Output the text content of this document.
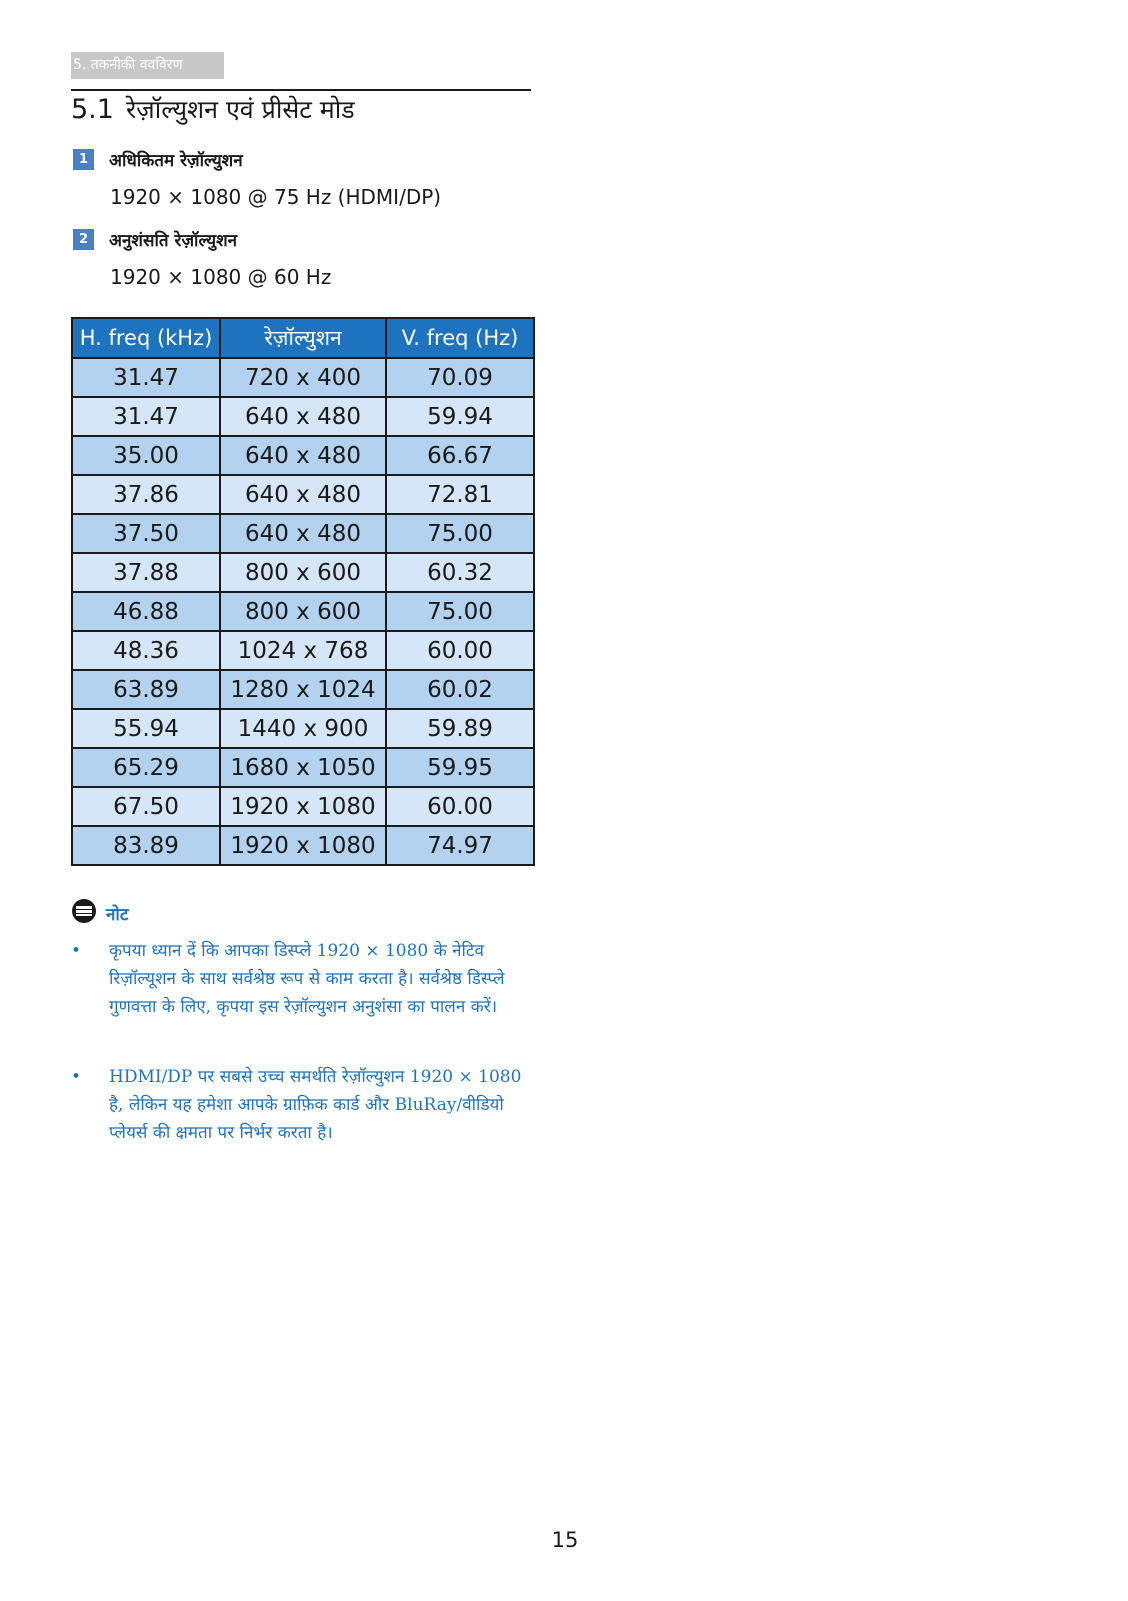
5. तकनीकी ववविरण
5.1 रेज़ॉल्युशन एवं प्रीसेट मोड
1 अधिकितम रेज़ॉल्युशन
1920 × 1080 @ 75 Hz (HDMI/DP)
2 अनुशंसति रेज़ॉल्युशन
1920 × 1080 @ 60 Hz
H. freq (kHz)	रेज़ॉल्युशन	V. freq (Hz)
31.47	720 x 400	70.09
31.47	640 x 480	59.94
35.00	640 x 480	66.67
37.86	640 x 480	72.81
37.50	640 x 480	75.00
37.88	800 x 600	60.32
46.88	800 x 600	75.00
48.36	1024 x 768	60.00
63.89	1280 x 1024	60.02
55.94	1440 x 900	59.89
65.29	1680 x 1050	59.95
67.50	1920 x 1080	60.00
83.89	1920 x 1080	74.97
नोट
• कृपया ध्यान दें कि आपका डिस्प्ले 1920 × 1080 के नेटिव रिज़ॉल्यूशन के साथ सर्वश्रेष्ठ रूप से काम करता है। सर्वश्रेष्ठ डिस्प्ले गुणवत्ता के लिए, कृपया इस रेज़ॉल्युशन अनुशंसा का पालन करें।
• HDMI/DP पर सबसे उच्च समर्थति रेज़ॉल्युशन 1920 × 1080 है, लेकिन यह हमेशा आपके ग्राफ़िक कार्ड और BluRay/वीडियो प्लेयर्स की क्षमता पर निर्भर करता है।
15
